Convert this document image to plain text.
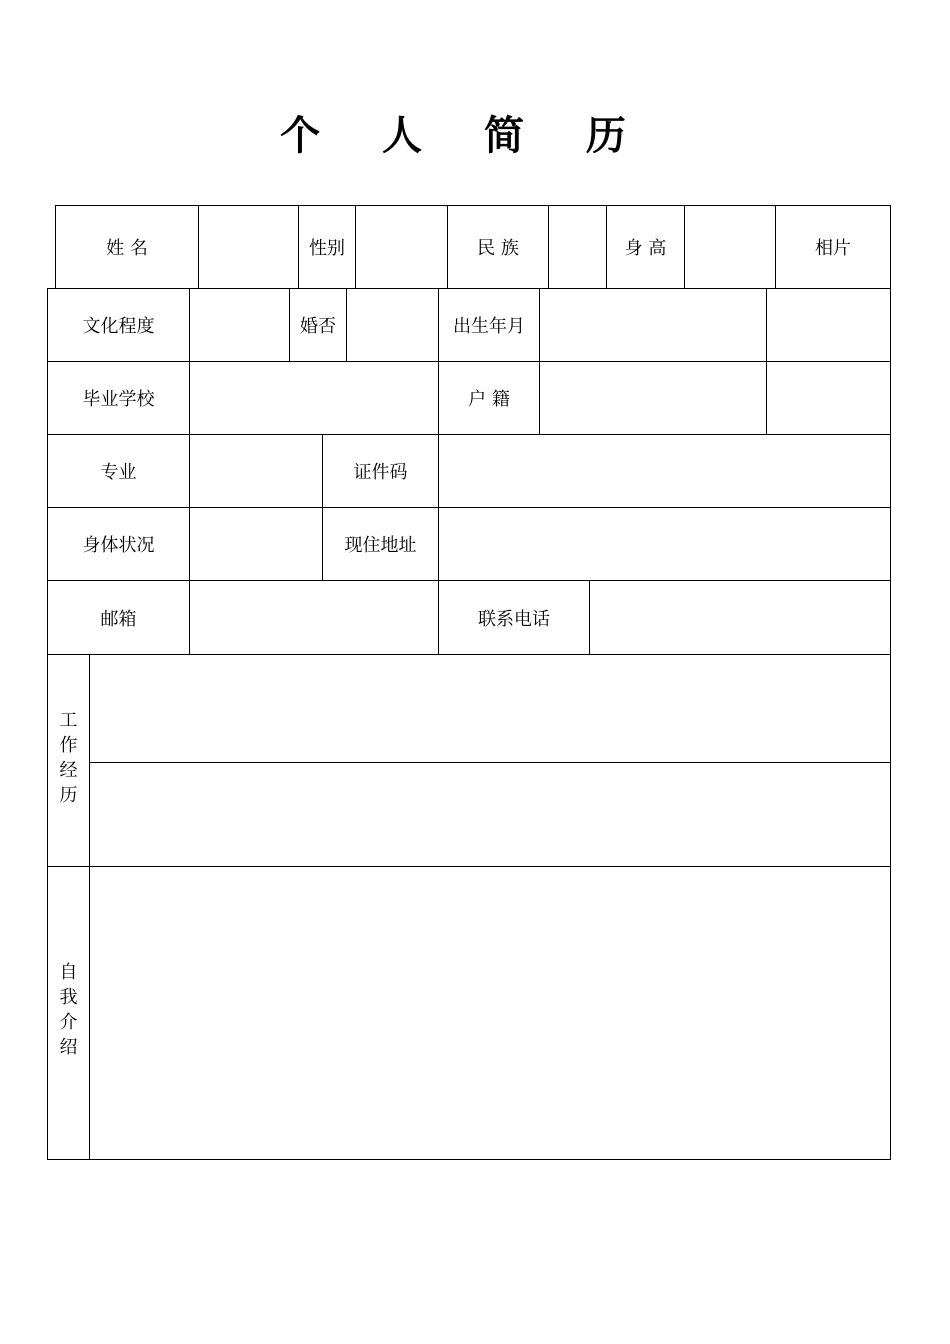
个 人 简 历
姓 名	性别	民 族	身 高	相片
文化程度	婚否	出生年月
毕业学校	户 籍
专业	证件码
身体状况	现住地址
邮箱	联系电话
工
作
经
历
自
我
介
绍
